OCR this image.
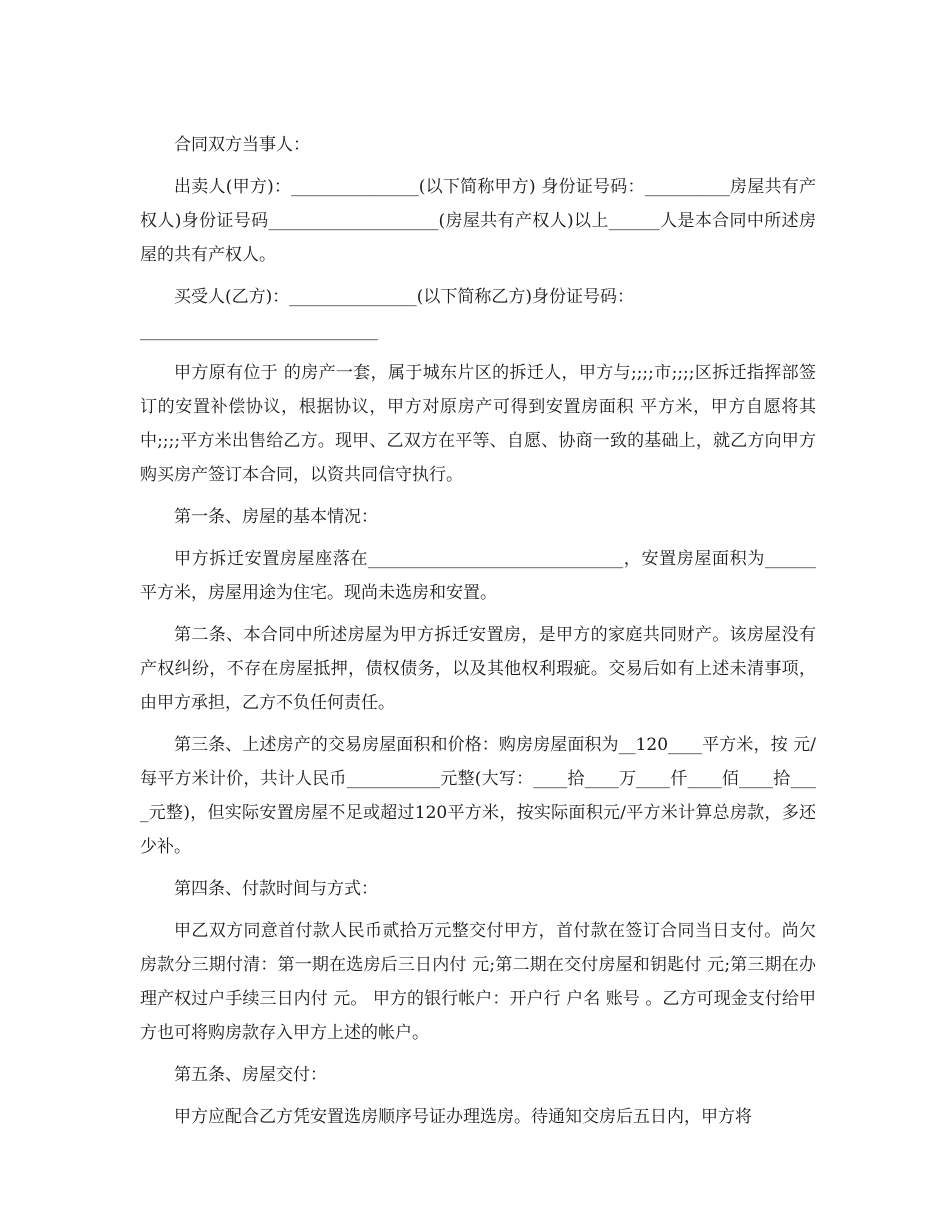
合同双方当事人：

出卖人(甲方)：_______________(以下简称甲方) 身份证号码：__________房屋共有产权人)身份证号码____________________(房屋共有产权人)以上______人是本合同中所述房屋的共有产权人。

买受人(乙方)：_______________(以下简称乙方)身份证号码：

____________________________

甲方原有位于 的房产一套，属于城东片区的拆迁人，甲方与;;;;市;;;;区拆迁指挥部签订的安置补偿协议，根据协议，甲方对原房产可得到安置房面积 平方米，甲方自愿将其中;;;;平方米出售给乙方。现甲、乙双方在平等、自愿、协商一致的基础上，就乙方向甲方购买房产签订本合同，以资共同信守执行。

第一条、房屋的基本情况：

甲方拆迁安置房屋座落在______________________________，安置房屋面积为______平方米，房屋用途为住宅。现尚未选房和安置。

第二条、本合同中所述房屋为甲方拆迁安置房，是甲方的家庭共同财产。该房屋没有产权纠纷，不存在房屋抵押，债权债务，以及其他权利瑕疵。交易后如有上述未清事项，由甲方承担，乙方不负任何责任。

第三条、上述房产的交易房屋面积和价格：购房房屋面积为__120____平方米，按 元/每平方米计价，共计人民币___________元整(大写：____拾____万____仟____佰____拾____元整)，但实际安置房屋不足或超过120平方米，按实际面积元/平方米计算总房款，多还少补。

第四条、付款时间与方式：

甲乙双方同意首付款人民币贰拾万元整交付甲方，首付款在签订合同当日支付。尚欠房款分三期付清：第一期在选房后三日内付 元;第二期在交付房屋和钥匙付 元;第三期在办理产权过户手续三日内付 元。 甲方的银行帐户：开户行 户名 账号 。乙方可现金支付给甲方也可将购房款存入甲方上述的帐户。

第五条、房屋交付：

甲方应配合乙方凭安置选房顺序号证办理选房。待通知交房后五日内，甲方将
